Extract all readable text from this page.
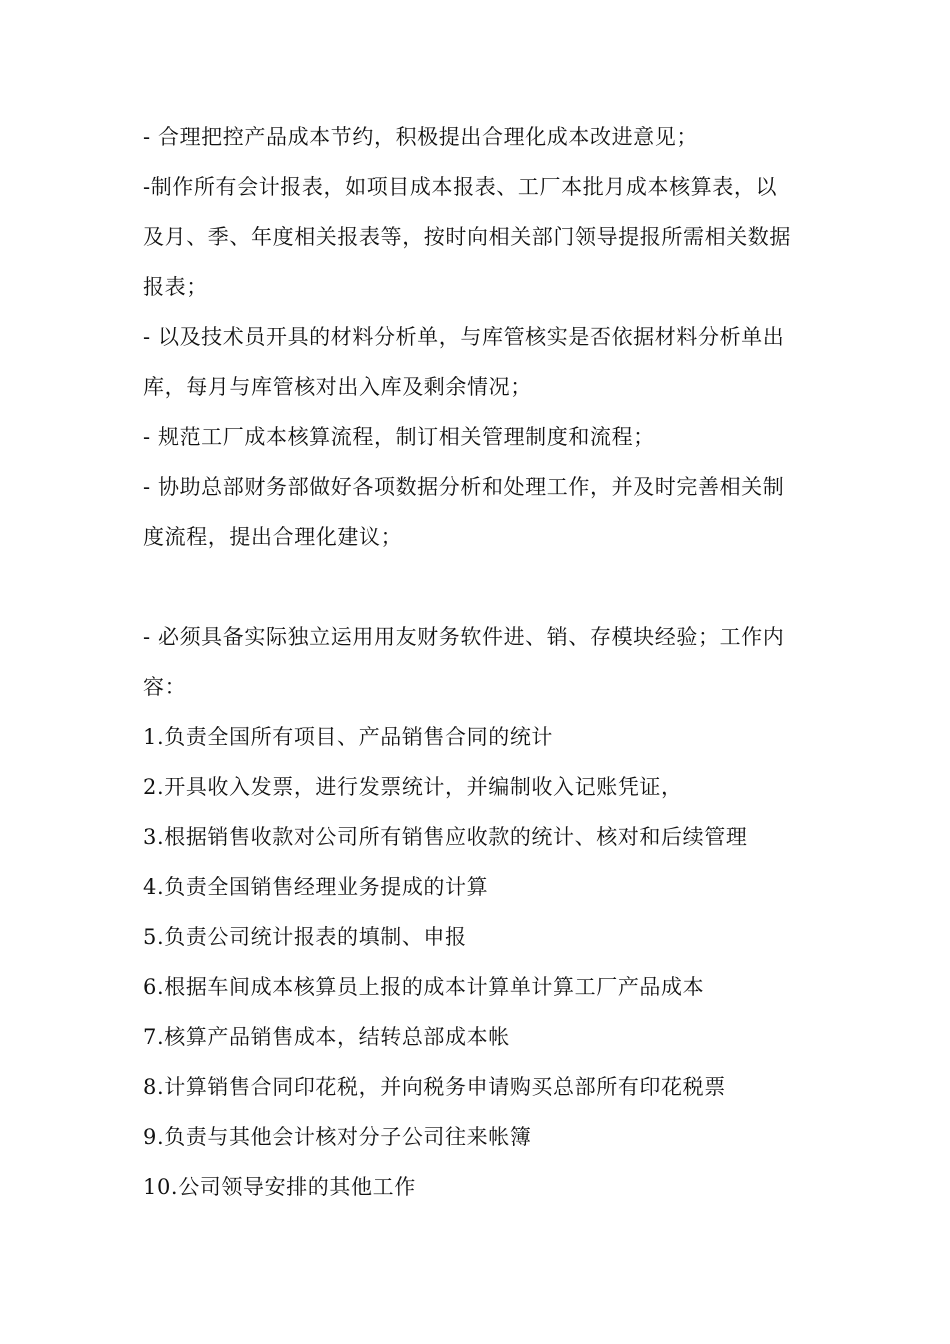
- 合理把控产品成本节约，积极提出合理化成本改进意见；
-制作所有会计报表，如项目成本报表、工厂本批月成本核算表，以
及月、季、年度相关报表等，按时向相关部门领导提报所需相关数据
报表；
- 以及技术员开具的材料分析单，与库管核实是否依据材料分析单出
库，每月与库管核对出入库及剩余情况；
- 规范工厂成本核算流程，制订相关管理制度和流程；
- 协助总部财务部做好各项数据分析和处理工作，并及时完善相关制
度流程，提出合理化建议；
- 必须具备实际独立运用用友财务软件进、销、存模块经验；工作内
容：
1.负责全国所有项目、产品销售合同的统计
2.开具收入发票，进行发票统计，并编制收入记账凭证，
3.根据销售收款对公司所有销售应收款的统计、核对和后续管理
4.负责全国销售经理业务提成的计算
5.负责公司统计报表的填制、申报
6.根据车间成本核算员上报的成本计算单计算工厂产品成本
7.核算产品销售成本，结转总部成本帐
8.计算销售合同印花税，并向税务申请购买总部所有印花税票
9.负责与其他会计核对分子公司往来帐簿
10.公司领导安排的其他工作
